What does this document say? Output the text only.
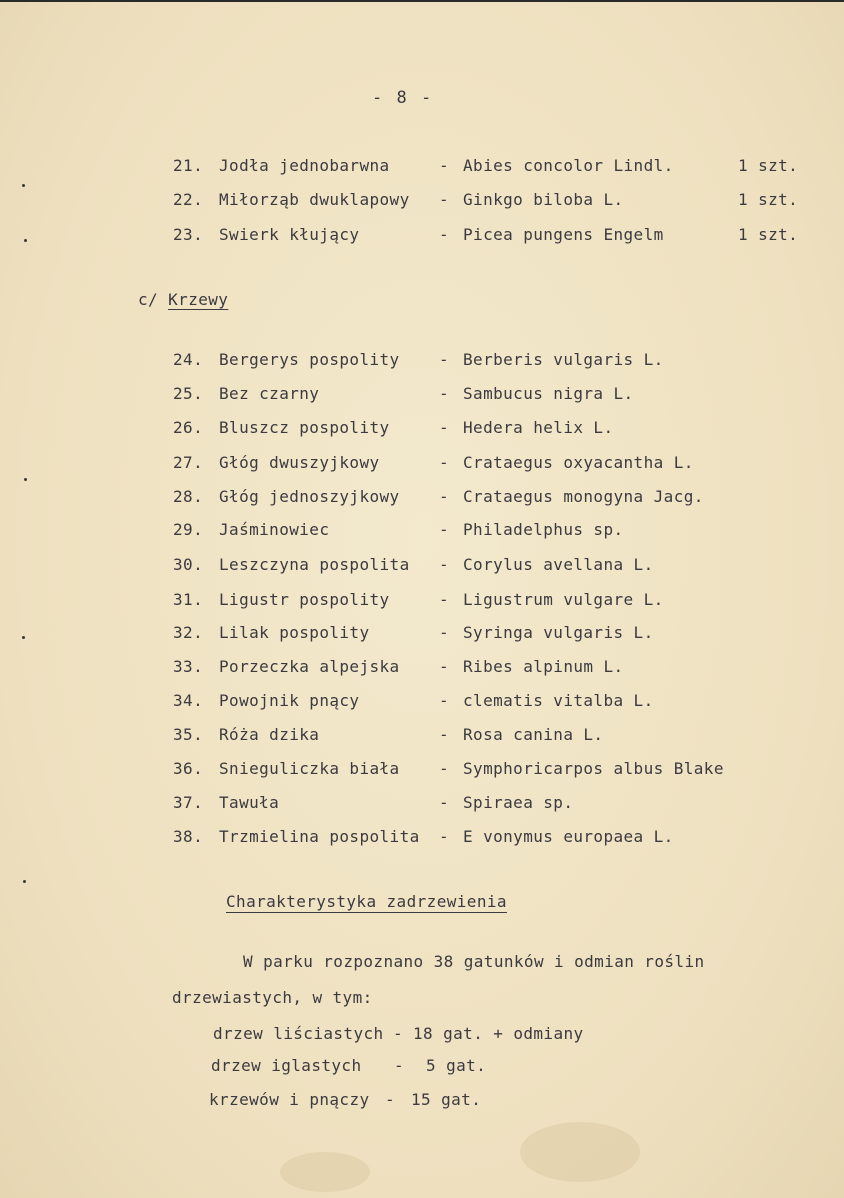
- 8 -
21. Jodła jednobarwna	- Abies concolor Lindl.	1 szt.
22. Miłorząb dwuklapowy - Ginkgo biloba L.	1 szt.
23. Swierk kłujący	- Picea pungens Engelm	1 szt.
c/ Krzewy
24. Bergerys pospolity - Berberis vulgaris L.
25. Bez czarny	- Sambucus nigra L.
26. Bluszcz pospolity	- Hedera helix L.
27. Głóg dwuszyjkowy	- Crataegus oxyacantha L.
28. Głóg jednoszyjkowy - Crataegus monogyna Jacg.
29. Jaśminowiec	- Philadelphus sp.
30. Leszczyna pospolita - Corylus avellana L.
31. Ligustr pospolity	- Ligustrum vulgare L.
32. Lilak pospolity	- Syringa vulgaris L.
33. Porzeczka alpejska - Ribes alpinum L.
34. Powojnik pnący	- clematis vitalba L.
35. Róża dzika	- Rosa canina L.
36. Snieguliczka biała - Symphoricarpos albus Blake
37. Tawuła	- Spiraea sp.
38. Trzmielina pospolita - E vonymus europaea L.
Charakterystyka zadrzewienia
W parku rozpoznano 38 gatunków i odmian roślin
drzewiastych, w tym:
drzew liściastych - 18 gat. + odmiany
drzew iglastych - 5 gat.
krzewów i pnączy - 15 gat.
